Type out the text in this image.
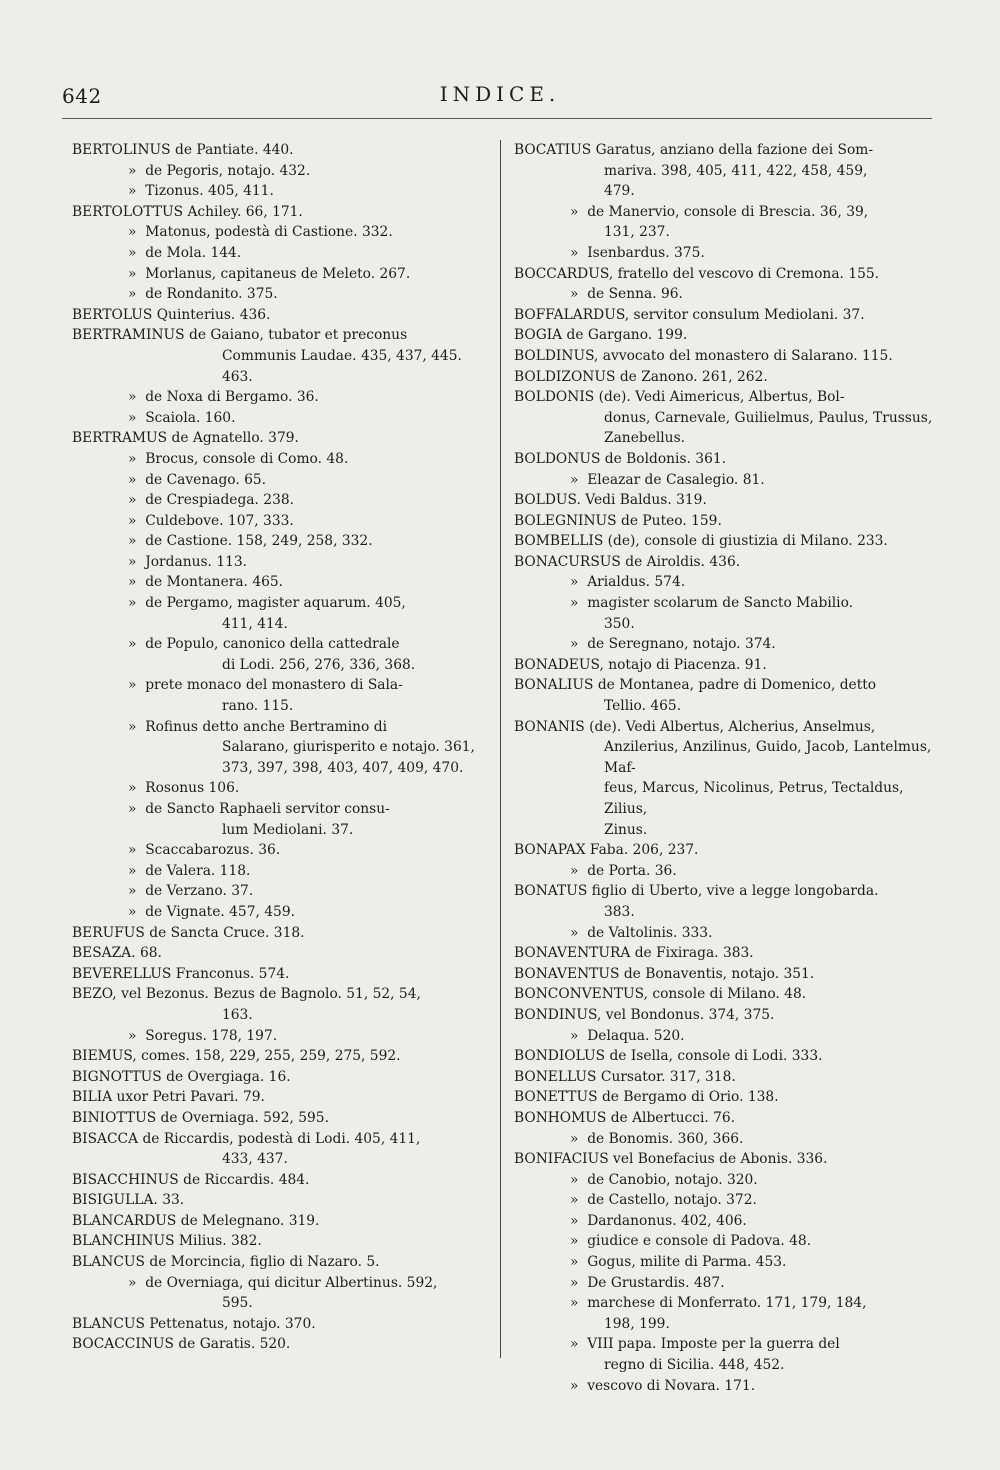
642	INDICE.
BERTOLINUS de Pantiate. 440.
»  de Pegoris, notajo. 432.
»  Tizonus. 405, 411.
BERTOLOTTUS Achiley. 66, 171.
»  Matonus, podestà di Castione. 332.
»  de Mola. 144.
»  Morlanus, capitaneus de Meleto. 267.
»  de Rondanito. 375.
BERTOLUS Quinterius. 436.
BERTRAMINUS de Gaiano, tubator et preconus
Communis Laudae. 435, 437, 445.
463.
»  de Noxa di Bergamo. 36.
»  Scaiola. 160.
BERTRAMUS de Agnatello. 379.
»  Brocus, console di Como. 48.
»  de Cavenago. 65.
»  de Crespiadega. 238.
»  Culdebove. 107, 333.
»  de Castione. 158, 249, 258, 332.
»  Jordanus. 113.
»  de Montanera. 465.
»  de Pergamo, magister aquarum. 405,
411, 414.
»  de Populo, canonico della cattedrale
di Lodi. 256, 276, 336, 368.
»  prete monaco del monastero di Sala-
rano. 115.
»  Rofinus detto anche Bertramino di
Salarano, giurisperito e notajo. 361,
373, 397, 398, 403, 407, 409, 470.
»  Rosonus 106.
»  de Sancto Raphaeli servitor consu-
lum Mediolani. 37.
»  Scaccabarozus. 36.
»  de Valera. 118.
»  de Verzano. 37.
»  de Vignate. 457, 459.
BERUFUS de Sancta Cruce. 318.
BESAZA. 68.
BEVERELLUS Franconus. 574.
BEZO, vel Bezonus. Bezus de Bagnolo. 51, 52, 54,
163.
»  Soregus. 178, 197.
BIEMUS, comes. 158, 229, 255, 259, 275, 592.
BIGNOTTUS de Overgiaga. 16.
BILIA uxor Petri Pavari. 79.
BINIOTTUS de Overniaga. 592, 595.
BISACCA de Riccardis, podestà di Lodi. 405, 411,
433, 437.
BISACCHINUS de Riccardis. 484.
BISIGULLA. 33.
BLANCARDUS de Melegnano. 319.
BLANCHINUS Milius. 382.
BLANCUS de Morcincia, figlio di Nazaro. 5.
»  de Overniaga, qui dicitur Albertinus. 592,
595.
BLANCUS Pettenatus, notajo. 370.
BOCACCINUS de Garatis. 520.
BOCATIUS Garatus, anziano della fazione dei Som-
mariva. 398, 405, 411, 422, 458, 459,
479.
»  de Manervio, console di Brescia. 36, 39,
131, 237.
»  Isenbardus. 375.
BOCCARDUS, fratello del vescovo di Cremona. 155.
»  de Senna. 96.
BOFFALARDUS, servitor consulum Mediolani. 37.
BOGIA de Gargano. 199.
BOLDINUS, avvocato del monastero di Salarano. 115.
BOLDIZONUS de Zanono. 261, 262.
BOLDONIS (de). Vedi Aimericus, Albertus, Bol-
donus, Carnevale, Guilielmus, Paulus, Trussus,
Zanebellus.
BOLDONUS de Boldonis. 361.
»  Eleazar de Casalegio. 81.
BOLDUS. Vedi Baldus. 319.
BOLEGNINUS de Puteo. 159.
BOMBELLIS (de), console di giustizia di Milano. 233.
BONACURSUS de Airoldis. 436.
»  Arialdus. 574.
»  magister scolarum de Sancto Mabilio.
350.
»  de Seregnano, notajo. 374.
BONADEUS, notajo di Piacenza. 91.
BONALIUS de Montanea, padre di Domenico, detto
Tellio. 465.
BONANIS (de). Vedi Albertus, Alcherius, Anselmus,
Anzilerius, Anzilinus, Guido, Jacob, Lantelmus, Maf-
feus, Marcus, Nicolinus, Petrus, Tectaldus, Zilius,
Zinus.
BONAPAX Faba. 206, 237.
»  de Porta. 36.
BONATUS figlio di Uberto, vive a legge longobarda.
383.
»  de Valtolinis. 333.
BONAVENTURA de Fixiraga. 383.
BONAVENTUS de Bonaventis, notajo. 351.
BONCONVENTUS, console di Milano. 48.
BONDINUS, vel Bondonus. 374, 375.
»  Delaqua. 520.
BONDIOLUS de Isella, console di Lodi. 333.
BONELLUS Cursator. 317, 318.
BONETTUS de Bergamo di Orio. 138.
BONHOMUS de Albertucci. 76.
»  de Bonomis. 360, 366.
BONIFACIUS vel Bonefacius de Abonis. 336.
»  de Canobio, notajo. 320.
»  de Castello, notajo. 372.
»  Dardanonus. 402, 406.
»  giudice e console di Padova. 48.
»  Gogus, milite di Parma. 453.
»  De Grustardis. 487.
»  marchese di Monferrato. 171, 179, 184,
198, 199.
»  VIII papa. Imposte per la guerra del
regno di Sicilia. 448, 452.
»  vescovo di Novara. 171.
